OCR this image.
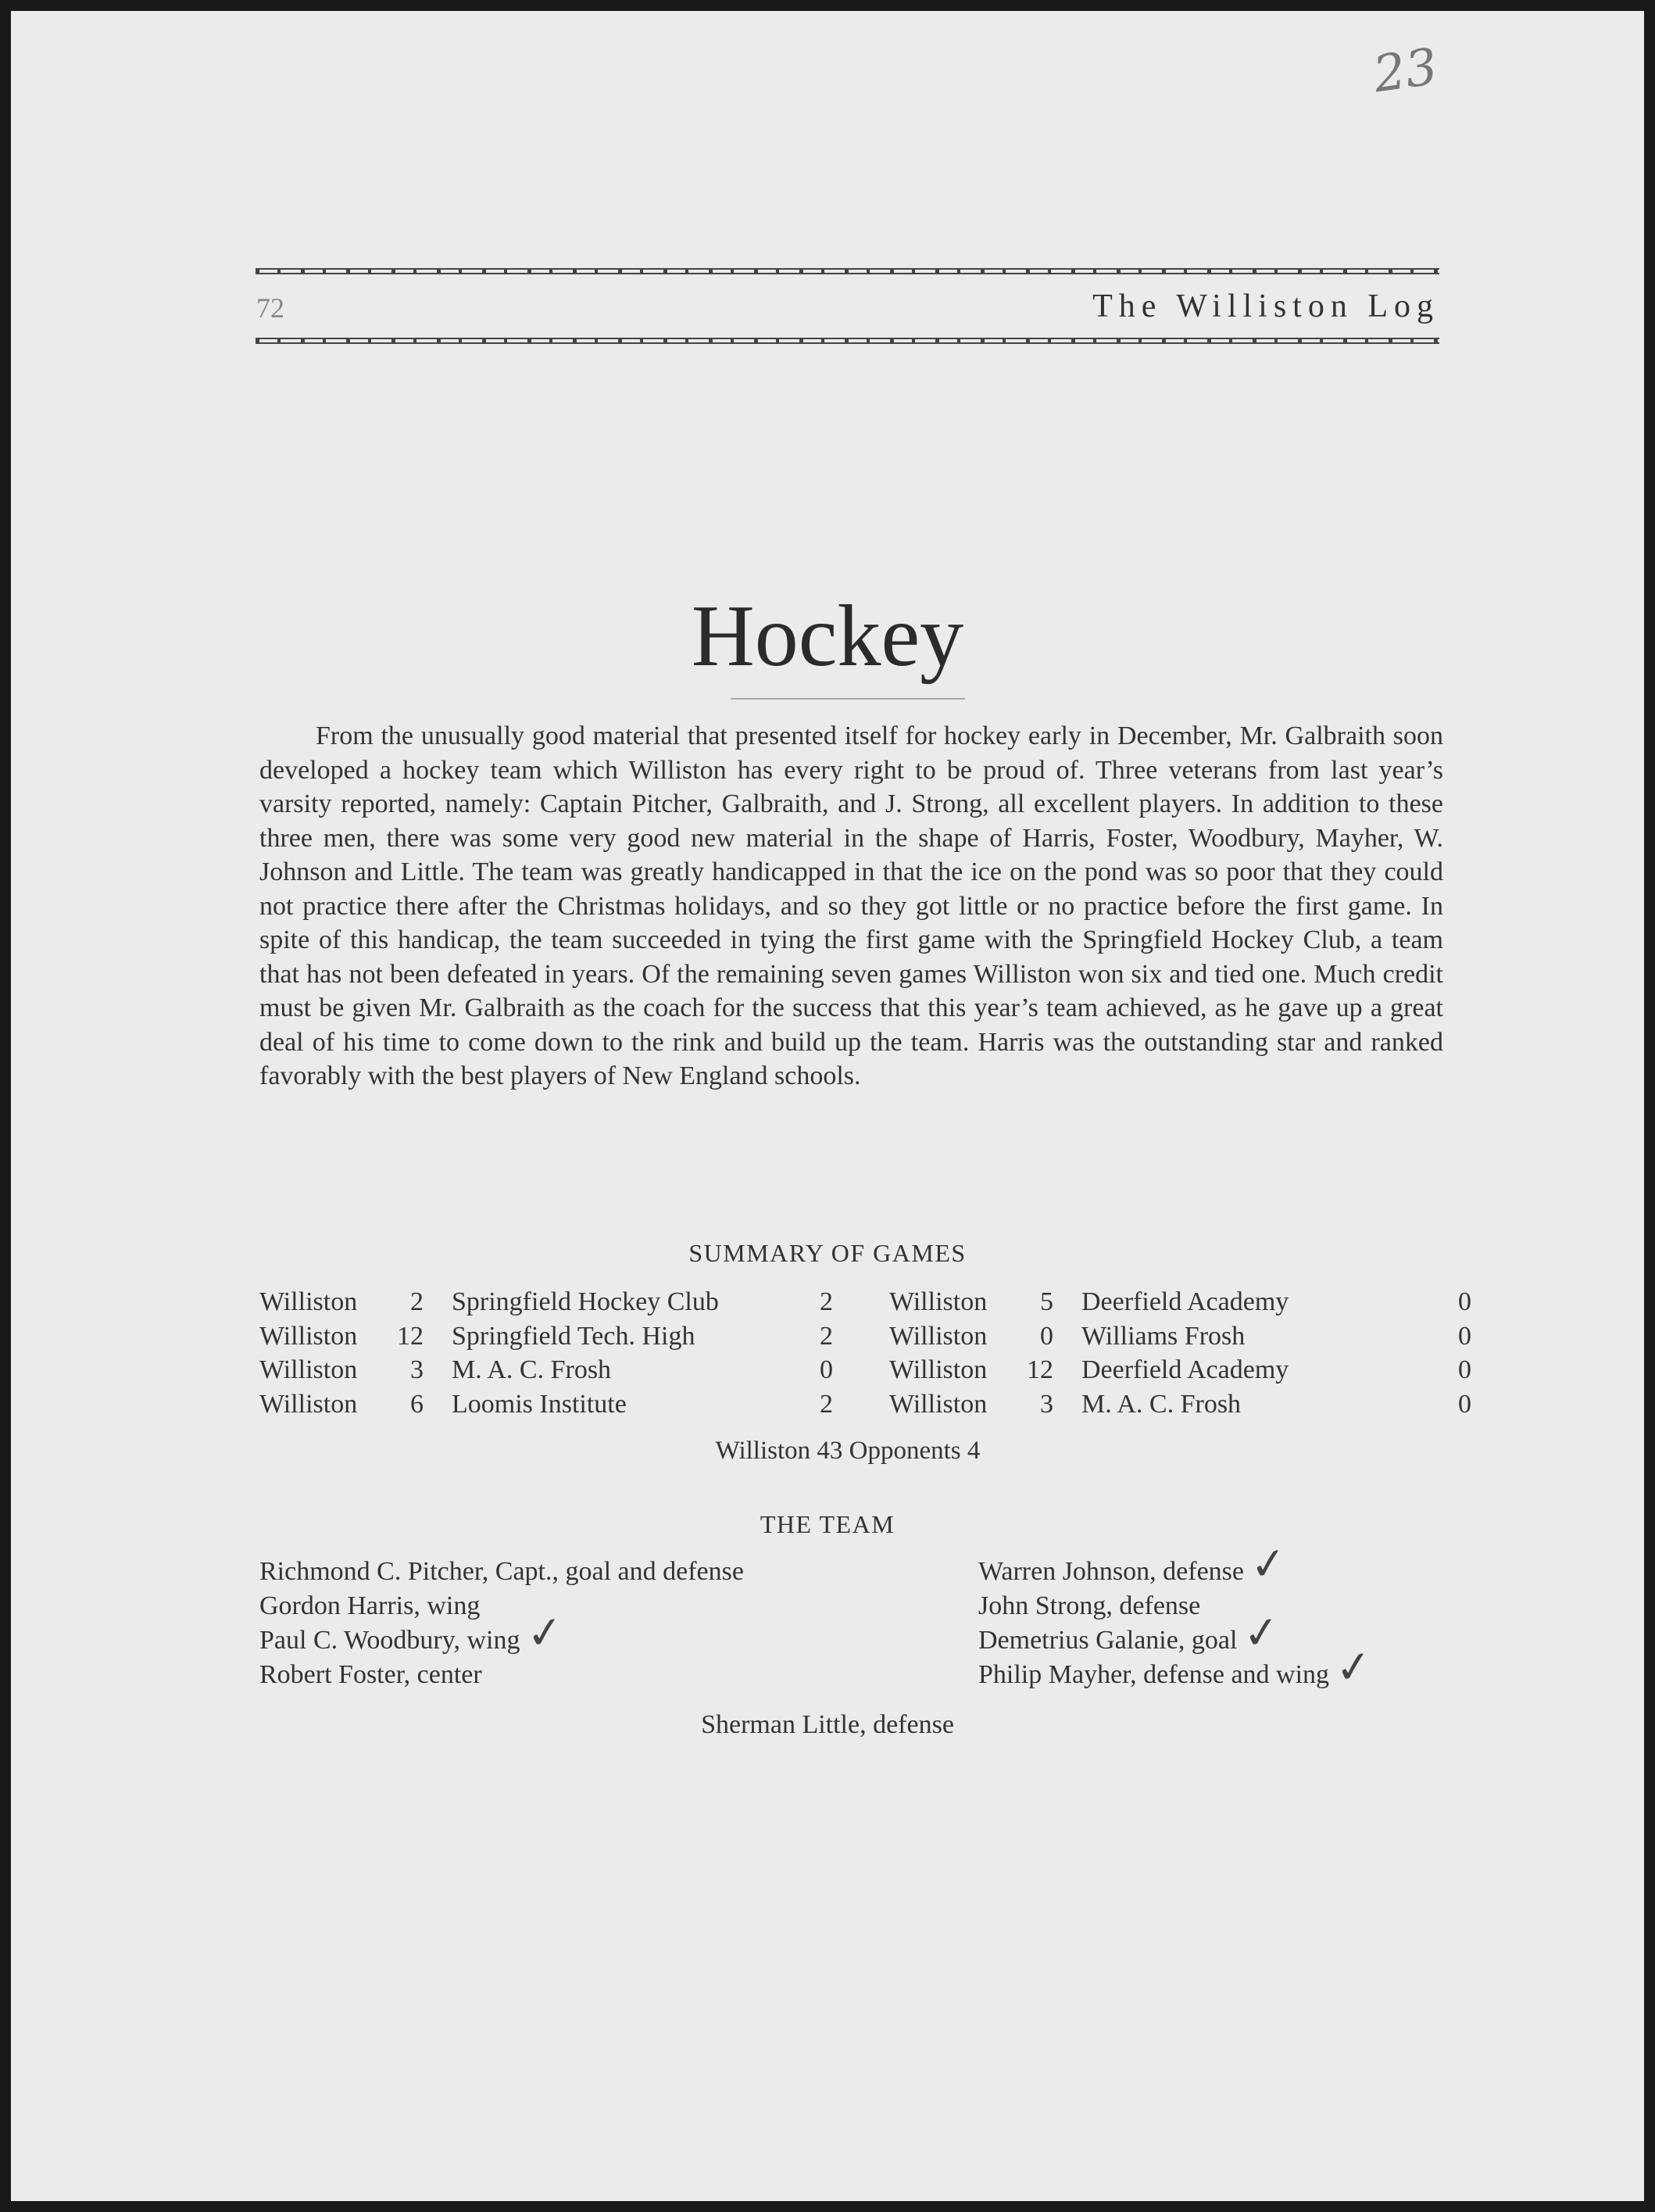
23
72	The Williston Log
Hockey

From the unusually good material that presented itself for hockey early in December, Mr. Galbraith soon developed a hockey team which Williston has every right to be proud of. Three veterans from last year’s varsity reported, namely: Captain Pitcher, Galbraith, and J. Strong, all excellent players. In addition to these three men, there was some very good new material in the shape of Harris, Foster, Woodbury, Mayher, W. Johnson and Little. The team was greatly handicapped in that the ice on the pond was so poor that they could not practice there after the Christmas holidays, and so they got little or no practice before the first game. In spite of this handicap, the team succeeded in tying the first game with the Springfield Hockey Club, a team that has not been defeated in years. Of the remaining seven games Williston won six and tied one. Much credit must be given Mr. Galbraith as the coach for the success that this year’s team achieved, as he gave up a great deal of his time to come down to the rink and build up the team. Harris was the outstanding star and ranked favorably with the best players of New England schools.

SUMMARY OF GAMES
Williston 2 Springfield Hockey Club	2
Williston 12 Springfield Tech. High	2
Williston 3 M. A. C. Frosh	0
Williston 6 Loomis Institute	2
Williston 5 Deerfield Academy	0
Williston 0 Williams Frosh	0
Williston 12 Deerfield Academy	0
Williston 3 M. A. C. Frosh	0
Williston 43 Opponents 4
THE TEAM
Richmond C. Pitcher, Capt., goal and defense
Gordon Harris, wing
Paul C. Woodbury, wing ✓
Robert Foster, center
Warren Johnson, defense ✓
John Strong, defense
Demetrius Galanie, goal ✓
Philip Mayher, defense and wing ✓
Sherman Little, defense
